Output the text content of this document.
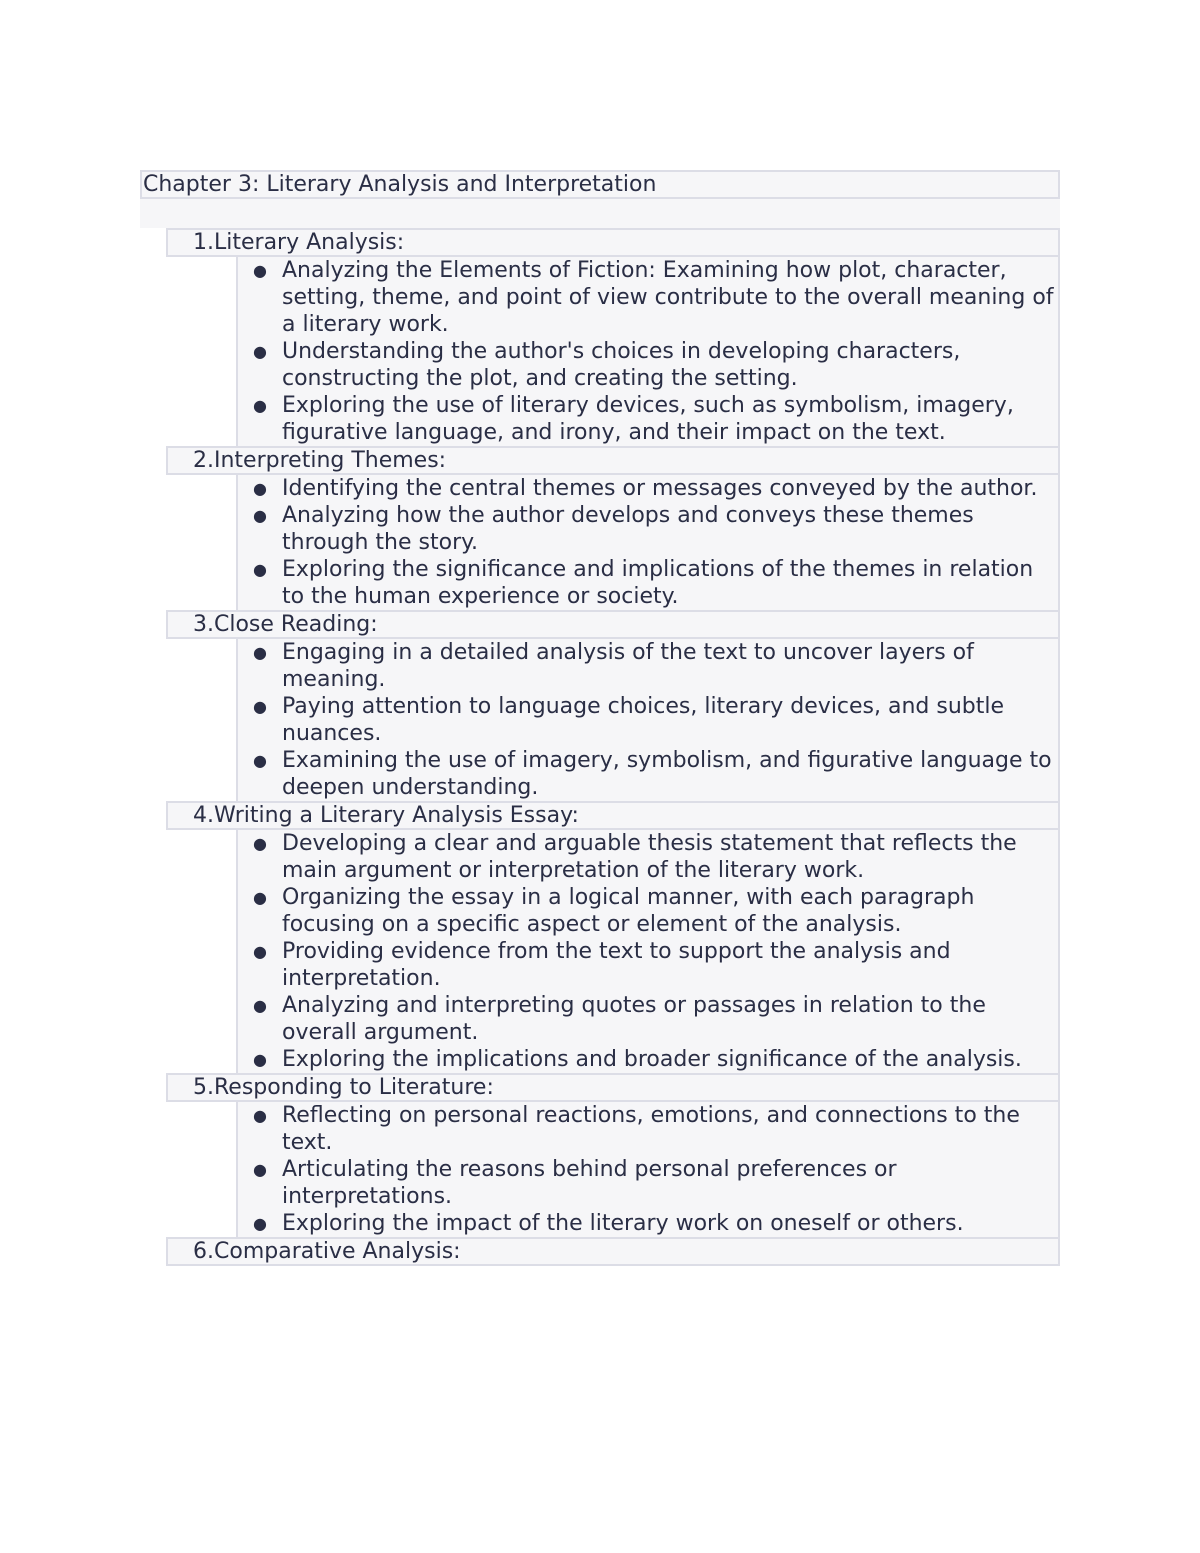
Chapter 3: Literary Analysis and Interpretation
1. Literary Analysis:
● Analyzing the Elements of Fiction: Examining how plot, character, setting, theme, and point of view contribute to the overall meaning of a literary work.
● Understanding the author's choices in developing characters, constructing the plot, and creating the setting.
● Exploring the use of literary devices, such as symbolism, imagery, figurative language, and irony, and their impact on the text.
2. Interpreting Themes:
● Identifying the central themes or messages conveyed by the author.
● Analyzing how the author develops and conveys these themes through the story.
● Exploring the significance and implications of the themes in relation to the human experience or society.
3. Close Reading:
● Engaging in a detailed analysis of the text to uncover layers of meaning.
● Paying attention to language choices, literary devices, and subtle nuances.
● Examining the use of imagery, symbolism, and figurative language to deepen understanding.
4. Writing a Literary Analysis Essay:
● Developing a clear and arguable thesis statement that reflects the main argument or interpretation of the literary work.
● Organizing the essay in a logical manner, with each paragraph focusing on a specific aspect or element of the analysis.
● Providing evidence from the text to support the analysis and interpretation.
● Analyzing and interpreting quotes or passages in relation to the overall argument.
● Exploring the implications and broader significance of the analysis.
5. Responding to Literature:
● Reflecting on personal reactions, emotions, and connections to the text.
● Articulating the reasons behind personal preferences or interpretations.
● Exploring the impact of the literary work on oneself or others.
6. Comparative Analysis:
